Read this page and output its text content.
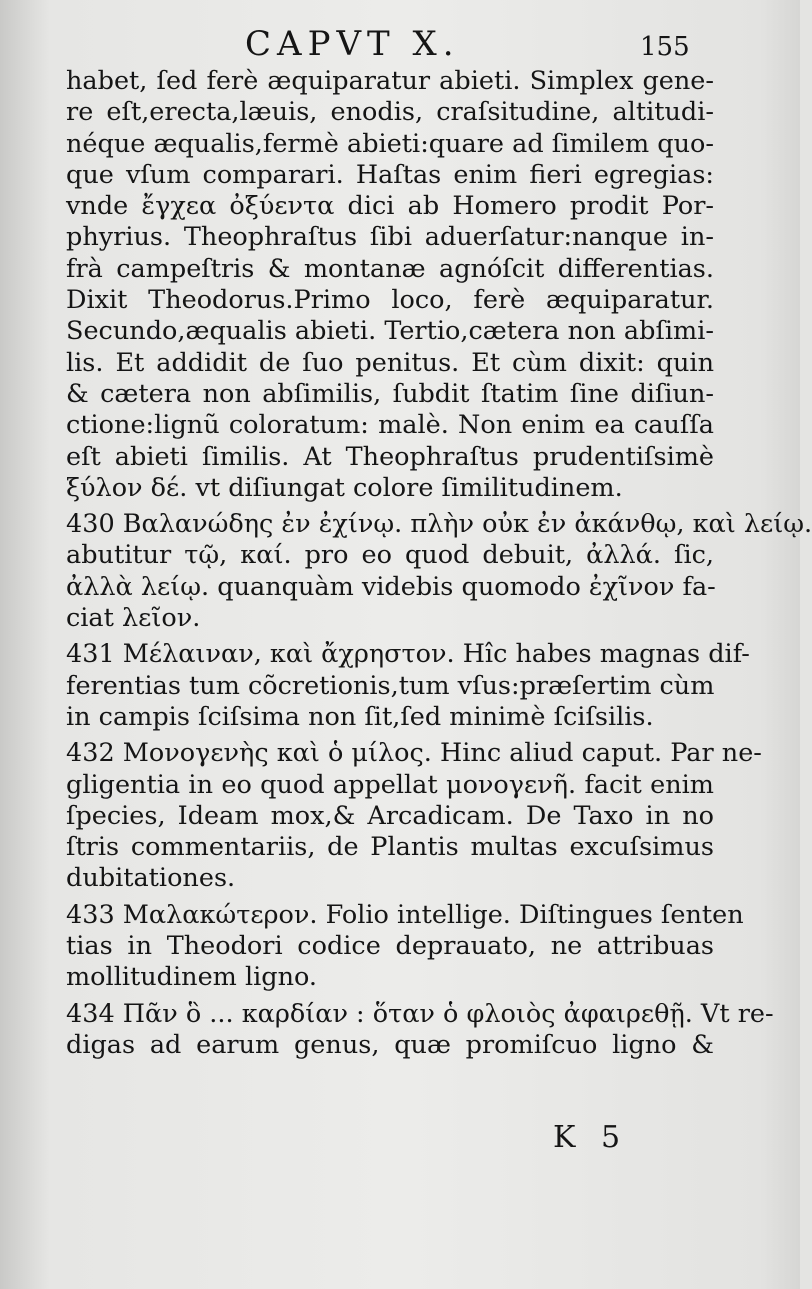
CAPVT X.	155
habet, ſed ferè æquiparatur abieti. Simplex gene-
re eſt,erecta,læuis, enodis, craſsitudine, altitudi-
néque æqualis,fermè abieti:quare ad ſimilem quo-
que vſum comparari. Haſtas enim fieri egregias:
vnde ἔγχεα ὀξύεντα dici ab Homero prodit Por-
phyrius. Theophraſtus ſibi aduerſatur:nanque in-
frà campeſtris & montanæ agnóſcit differentias.
Dixit Theodorus.Primo loco, ferè æquiparatur.
Secundo,æqualis abieti. Tertio,cætera non abſimi-
lis. Et addidit de ſuo penitus. Et cùm dixit: quin
& cætera non abſimilis, ſubdit ſtatim ſine diſiun-
ctione:lignũ coloratum: malè. Non enim ea cauſſa
eſt abieti ſimilis. At Theophraſtus prudentiſsimè
ξύλον δέ. vt diſiungat colore ſimilitudinem.
430 Βαλανώδης ἐν ἐχίνῳ. πλὴν οὐκ ἐν ἀκάνθῳ, καὶ λείῳ.
abutitur τῷ, καί. pro eo quod debuit, ἀλλά. ſic,
ἀλλὰ λείῳ. quanquàm videbis quomodo ἐχῖνον fa-
ciat λεῖον.
431 Μέλαιναν, καὶ ἄχρηστον. Hîc habes magnas dif-
ferentias tum cõcretionis,tum vſus:præſertim cùm
in campis ſciſsima non ſit,ſed minimè ſciſsilis.
432 Μονογενὴς καὶ ὁ μίλος. Hinc aliud caput. Par ne-
gligentia in eo quod appellat μονογενῆ. facit enim
ſpecies, Ideam mox,& Arcadicam. De Taxo in no
ſtris commentariis, de Plantis multas excuſsimus
dubitationes.
433 Μαλακώτερον. Folio intellige. Diſtingues ſenten
tias in Theodori codice deprauato, ne attribuas
mollitudinem ligno.
434 Πᾶν ὃ ... καρδίαν : ὅταν ὁ φλοιὸς ἀφαιρεθῇ. Vt re-
digas ad earum genus, quæ promiſcuo ligno &
K 5
